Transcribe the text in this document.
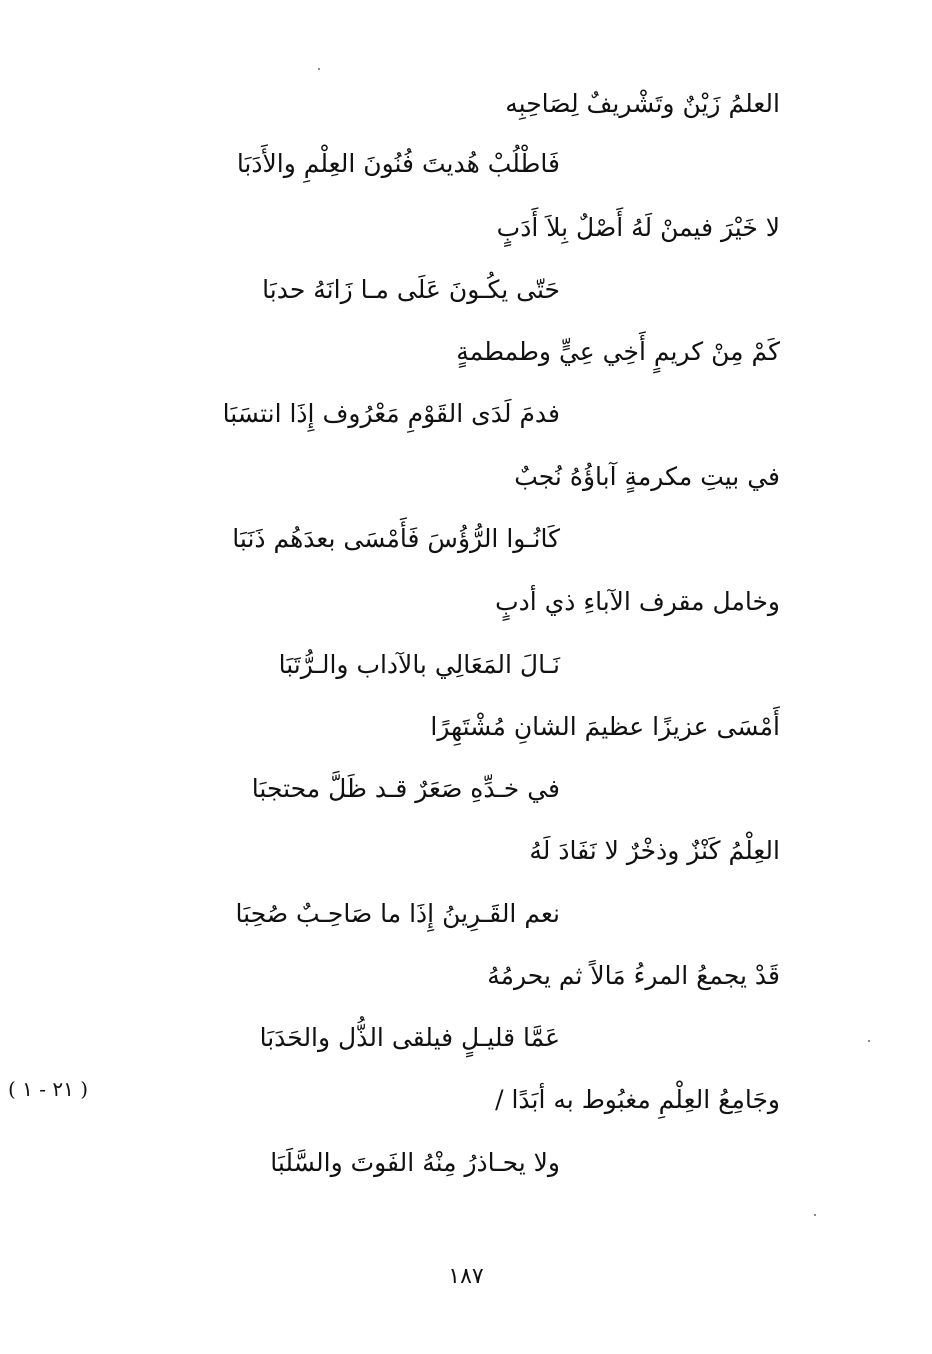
العلمُ زَيْنٌ وتَشْريفٌ لِصَاحِبِه
فَاطْلُبْ هُديتَ فُنُونَ العِلْمِ والأَدَبَا
لا خَيْرَ فيمنْ لَهُ أَصْلٌ بِلاَ أَدَبٍ
حَتّى يكُـونَ عَلَى مـا زَانَهُ حدبَا
كَمْ مِنْ كريمٍ أَخِي عِيٍّ وطمطمةٍ
فدمَ لَدَى القَوْمِ مَعْرُوف إِذَا انتسَبَا
في بيتِ مكرمةٍ آباؤُهُ نُجبٌ
كَانُـوا الرُّؤُسَ فَأَمْسَى بعدَهُم ذَنَبَا
وخامل مقرف الآباءِ ذي أدبٍ
نَـالَ المَعَالِي بالآداب والـرُّتَبَا
أَمْسَى عزيزًا عظيمَ الشانِ مُشْتَهِرًا
في خـدِّهِ صَعَرٌ قـد ظَلَّ محتجبَا
العِلْمُ كَنْزٌ وذخْرٌ لا نَفَادَ لَهُ
نعم القَـرِينُ إِذَا ما صَاحِـبٌ صُحِبَا
قَدْ يجمعُ المرءُ مَالاً ثم يحرمُهُ
عَمَّا قليـلٍ فيلقى الذُّل والحَدَبَا
وجَامِعُ العِلْمِ مغبُوط به أبَدًا /
ولا يحـاذرُ مِنْهُ الفَوتَ والسَّلَبَا
( ٢١ - ١ )
١٨٧
